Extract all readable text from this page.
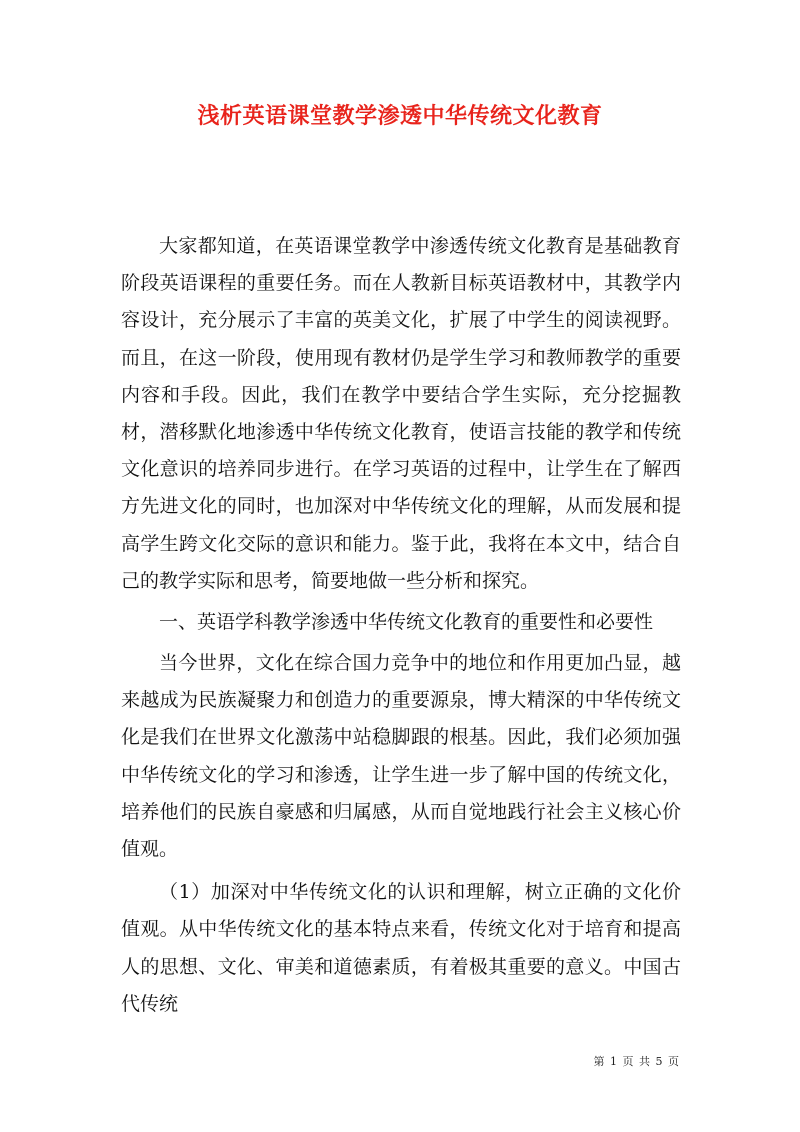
浅析英语课堂教学渗透中华传统文化教育

大家都知道，在英语课堂教学中渗透传统文化教育是基础教育阶段英语课程的重要任务。而在人教新目标英语教材中，其教学内容设计，充分展示了丰富的英美文化，扩展了中学生的阅读视野。而且，在这一阶段，使用现有教材仍是学生学习和教师教学的重要内容和手段。因此，我们在教学中要结合学生实际，充分挖掘教材，潜移默化地渗透中华传统文化教育，使语言技能的教学和传统文化意识的培养同步进行。在学习英语的过程中，让学生在了解西方先进文化的同时，也加深对中华传统文化的理解，从而发展和提高学生跨文化交际的意识和能力。鉴于此，我将在本文中，结合自己的教学实际和思考，简要地做一些分析和探究。

一、英语学科教学渗透中华传统文化教育的重要性和必要性

当今世界，文化在综合国力竞争中的地位和作用更加凸显，越来越成为民族凝聚力和创造力的重要源泉，博大精深的中华传统文化是我们在世界文化激荡中站稳脚跟的根基。因此，我们必须加强中华传统文化的学习和渗透，让学生进一步了解中国的传统文化，培养他们的民族自豪感和归属感，从而自觉地践行社会主义核心价值观。

（1）加深对中华传统文化的认识和理解，树立正确的文化价值观。从中华传统文化的基本特点来看，传统文化对于培育和提高人的思想、文化、审美和道德素质，有着极其重要的意义。中国古代传统

第 1 页 共 5 页
